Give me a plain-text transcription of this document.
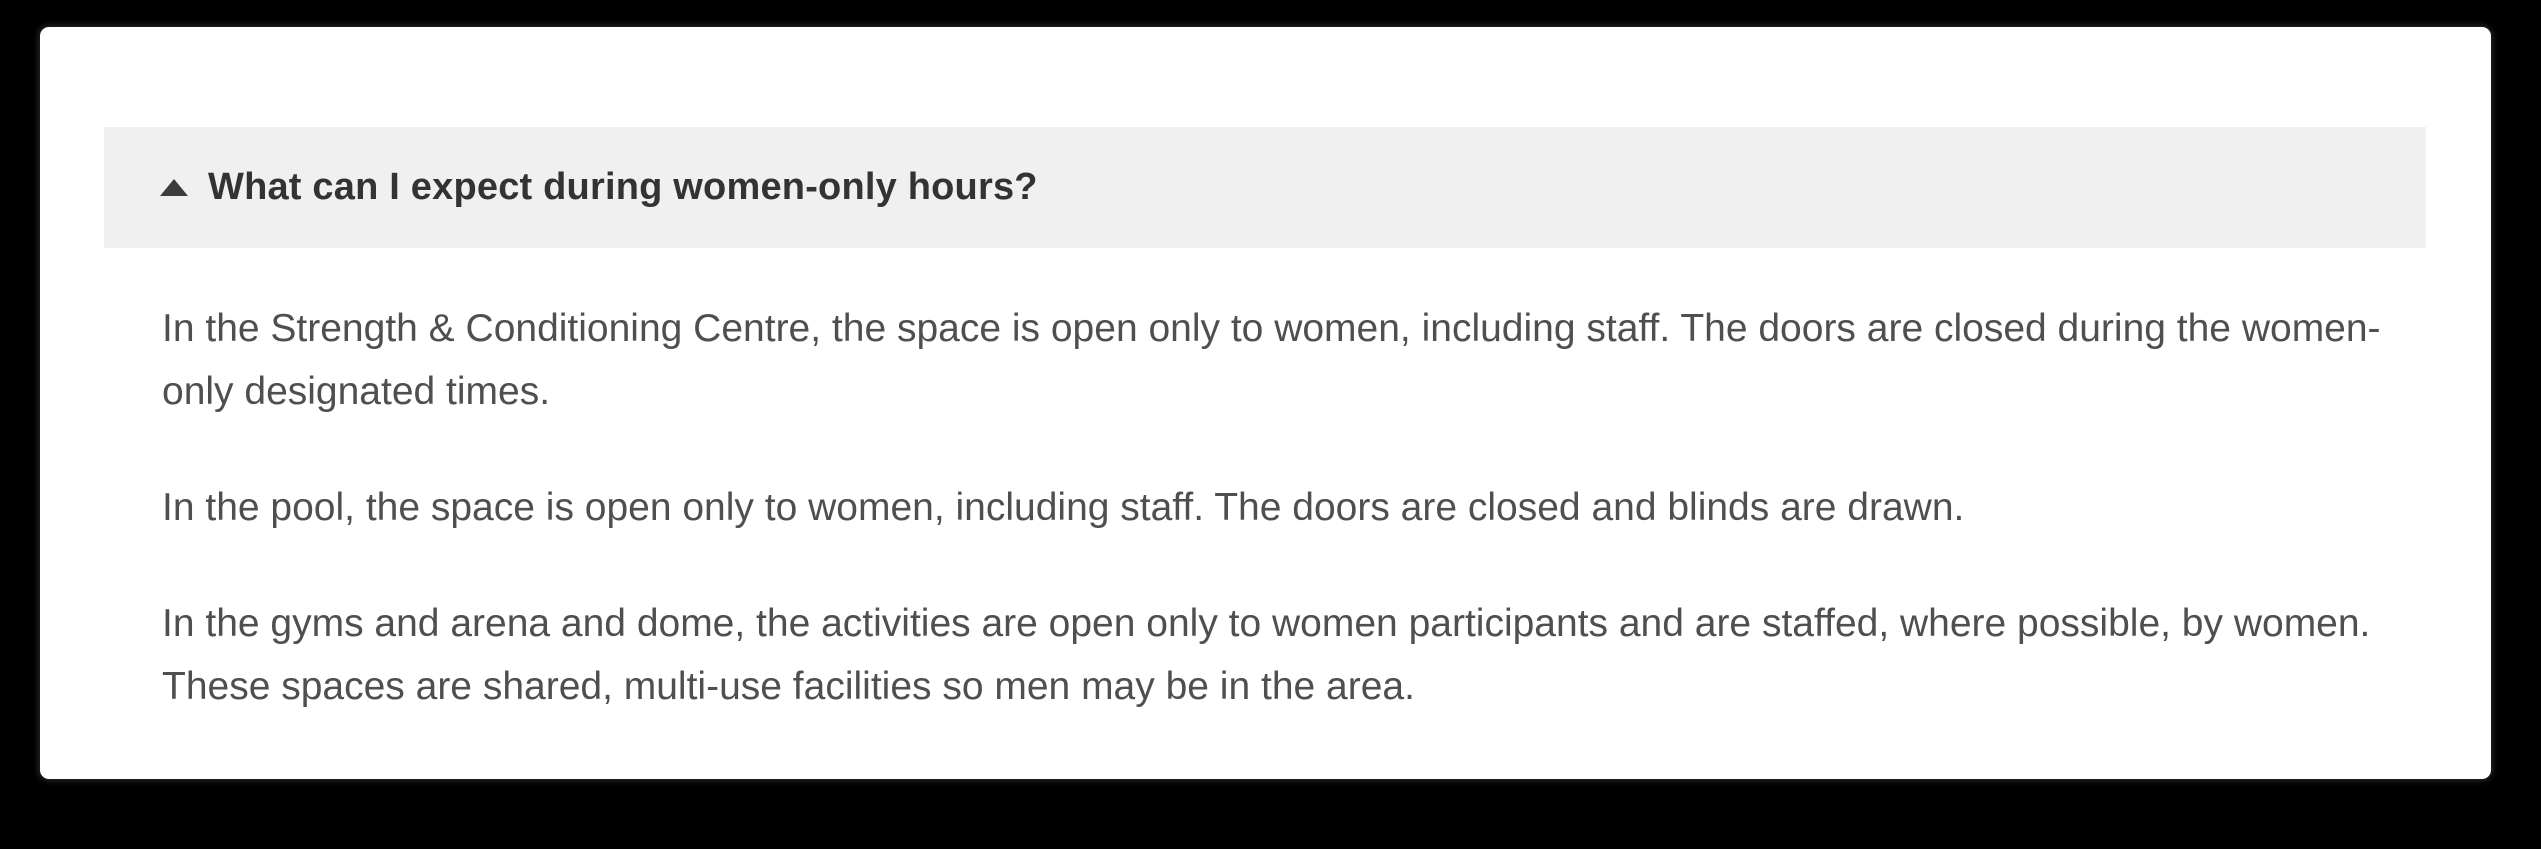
What can I expect during women-only hours?

In the Strength & Conditioning Centre, the space is open only to women, including staff. The doors are closed during the women-only designated times.

In the pool, the space is open only to women, including staff. The doors are closed and blinds are drawn.

In the gyms and arena and dome, the activities are open only to women participants and are staffed, where possible, by women. These spaces are shared, multi-use facilities so men may be in the area.
